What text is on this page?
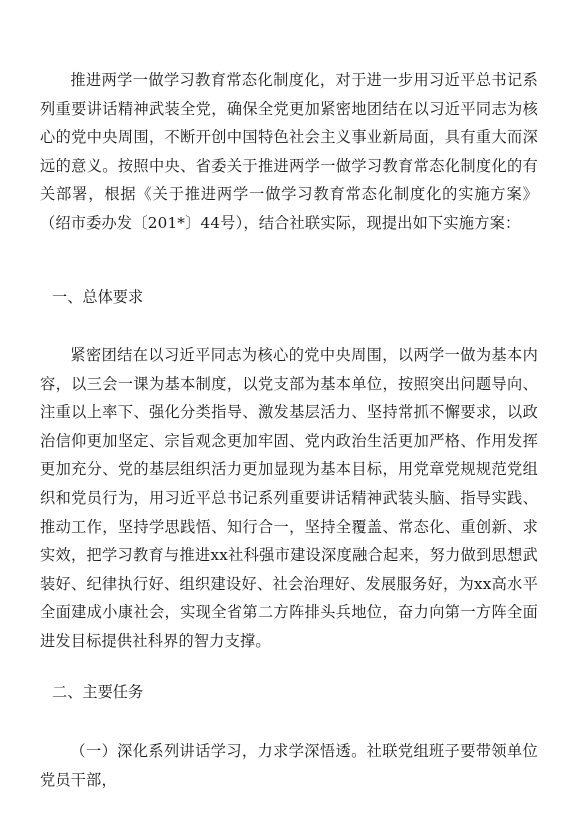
推进两学一做学习教育常态化制度化，对于进一步用习近平总书记系列重要讲话精神武装全党，确保全党更加紧密地团结在以习近平同志为核心的党中央周围，不断开创中国特色社会主义事业新局面，具有重大而深远的意义。按照中央、省委关于推进两学一做学习教育常态化制度化的有关部署，根据《关于推进两学一做学习教育常态化制度化的实施方案》（绍市委办发〔201*〕44号），结合社联实际，现提出如下实施方案：

一、总体要求

紧密团结在以习近平同志为核心的党中央周围，以两学一做为基本内容，以三会一课为基本制度，以党支部为基本单位，按照突出问题导向、注重以上率下、强化分类指导、激发基层活力、坚持常抓不懈要求，以政治信仰更加坚定、宗旨观念更加牢固、党内政治生活更加严格、作用发挥更加充分、党的基层组织活力更加显现为基本目标，用党章党规规范党组织和党员行为，用习近平总书记系列重要讲话精神武装头脑、指导实践、推动工作，坚持学思践悟、知行合一，坚持全覆盖、常态化、重创新、求实效，把学习教育与推进xx社科强市建设深度融合起来，努力做到思想武装好、纪律执行好、组织建设好、社会治理好、发展服务好，为xx高水平全面建成小康社会，实现全省第二方阵排头兵地位，奋力向第一方阵全面进发目标提供社科界的智力支撑。

二、主要任务

（一）深化系列讲话学习，力求学深悟透。社联党组班子要带领单位党员干部，
